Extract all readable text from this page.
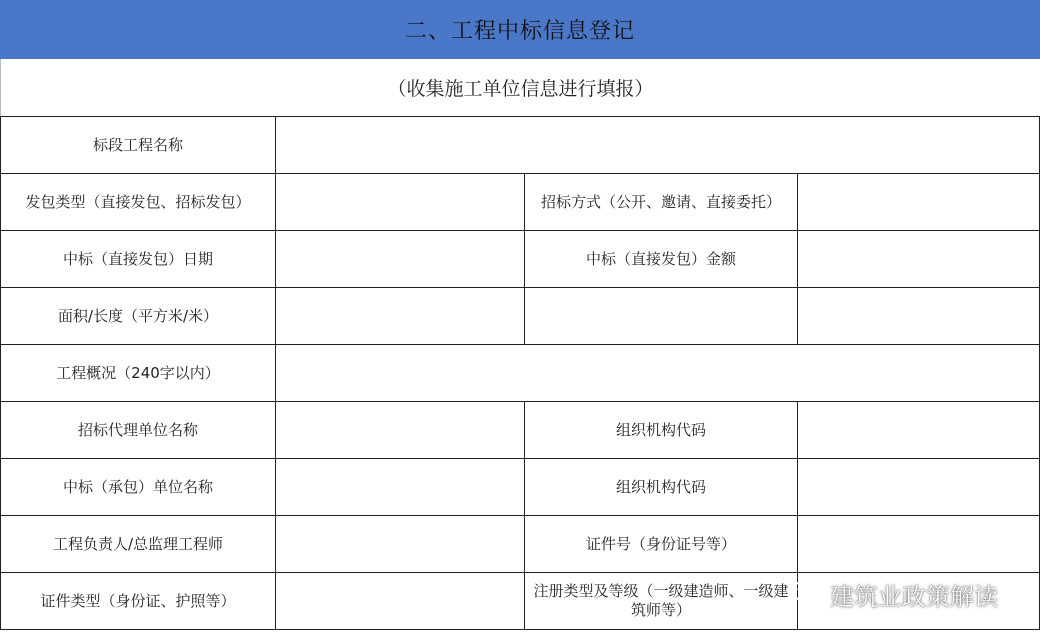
二、工程中标信息登记
（收集施工单位信息进行填报）
标段工程名称			
发包类型（直接发包、招标发包）		招标方式（公开、邀请、直接委托）	
中标（直接发包）日期		中标（直接发包）金额	
面积/长度（平方米/米）			
工程概况（240字以内）			
招标代理单位名称		组织机构代码	
中标（承包）单位名称		组织机构代码	
工程负责人/总监理工程师		证件号（身份证号等）	
证件类型（身份证、护照等）		注册类型及等级（一级建造师、一级建筑师等）		建筑业政策解读
